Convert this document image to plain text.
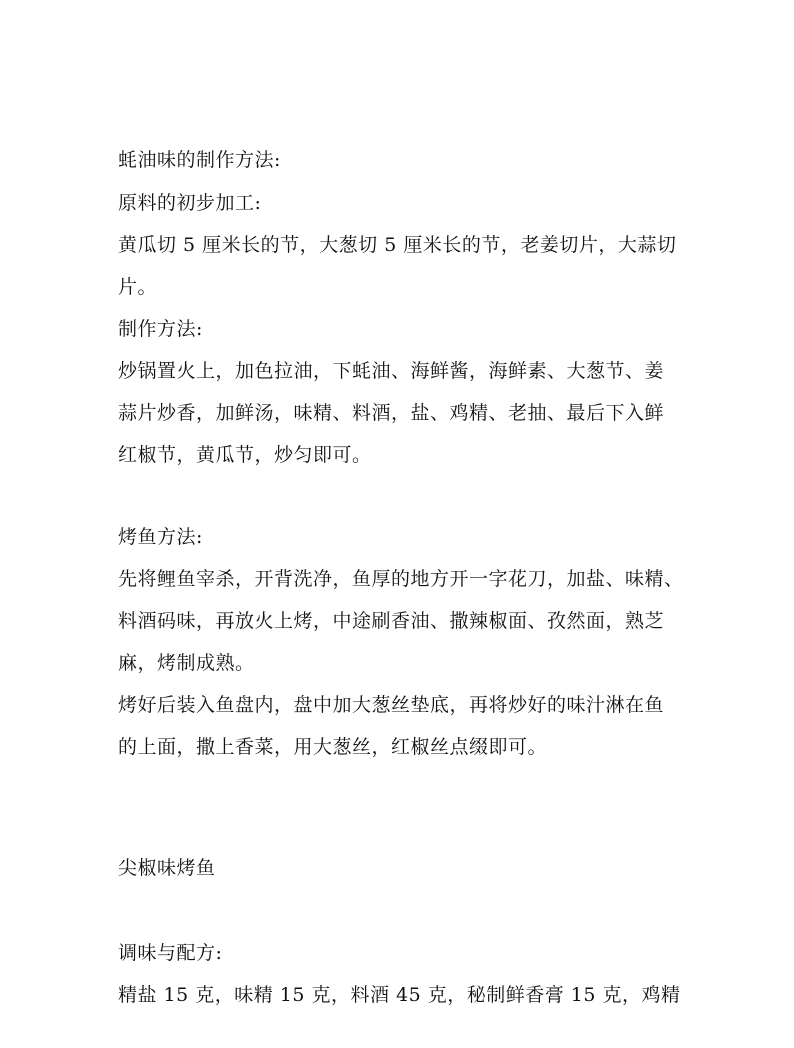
蚝油味的制作方法:
原料的初步加工:
黄瓜切 5 厘米长的节，大葱切 5 厘米长的节，老姜切片，大蒜切
片。
制作方法:
炒锅置火上，加色拉油，下蚝油、海鲜酱，海鲜素、大葱节、姜
蒜片炒香，加鲜汤，味精、料酒，盐、鸡精、老抽、最后下入鲜
红椒节，黄瓜节，炒匀即可。
烤鱼方法:
先将鲤鱼宰杀，开背洗净，鱼厚的地方开一字花刀，加盐、味精、
料酒码味，再放火上烤，中途刷香油、撒辣椒面、孜然面，熟芝
麻，烤制成熟。
烤好后装入鱼盘内，盘中加大葱丝垫底，再将炒好的味汁淋在鱼
的上面，撒上香菜，用大葱丝，红椒丝点缀即可。
尖椒味烤鱼
调味与配方:
精盐 15 克，味精 15 克，料酒 45 克，秘制鲜香膏 15 克，鸡精
